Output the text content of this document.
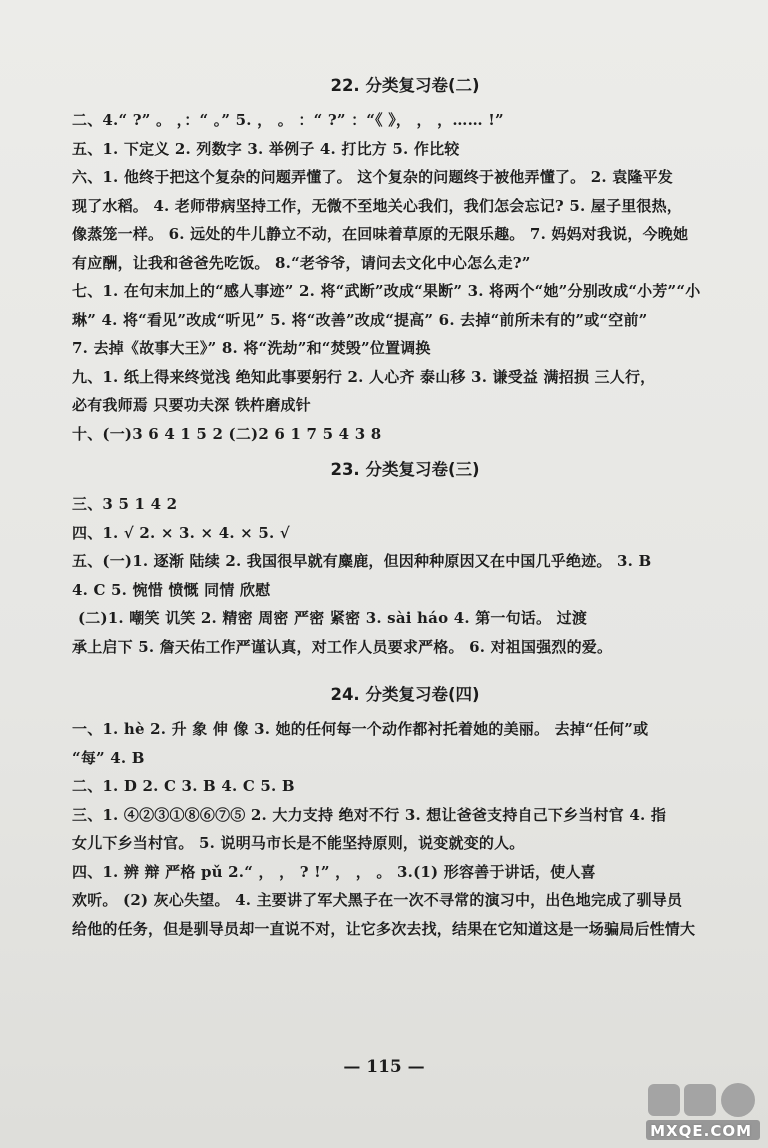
22. 分类复习卷(二)
二、4.“ ?” 。 ，：“ 。” 5. ， 。 ：“ ?” ：“《 》， ， ，…… !”
五、1. 下定义 2. 列数字 3. 举例子 4. 打比方 5. 作比较
六、1. 他终于把这个复杂的问题弄懂了。 这个复杂的问题终于被他弄懂了。 2. 袁隆平发
现了水稻。 4. 老师带病坚持工作，无微不至地关心我们，我们怎会忘记? 5. 屋子里很热，
像蒸笼一样。 6. 远处的牛儿静立不动，在回味着草原的无限乐趣。 7. 妈妈对我说，今晚她
有应酬，让我和爸爸先吃饭。 8.“老爷爷，请问去文化中心怎么走?”
七、1. 在句末加上的“感人事迹” 2. 将“武断”改成“果断” 3. 将两个“她”分别改成“小芳”“小
琳” 4. 将“看见”改成“听见” 5. 将“改善”改成“提高” 6. 去掉“前所未有的”或“空前”
7. 去掉《故事大王》” 8. 将“洗劫”和“焚毁”位置调换
九、1. 纸上得来终觉浅 绝知此事要躬行 2. 人心齐 泰山移 3. 谦受益 满招损 三人行，
必有我师焉 只要功夫深 铁杵磨成针
十、(一)3 6 4 1 5 2 (二)2 6 1 7 5 4 3 8
23. 分类复习卷(三)
三、3 5 1 4 2
四、1. √ 2. × 3. × 4. × 5. √
五、(一)1. 逐渐 陆续 2. 我国很早就有麋鹿，但因种种原因又在中国几乎绝迹。 3. B
4. C 5. 惋惜 愤慨 同情 欣慰
(二)1. 嘲笑 讥笑 2. 精密 周密 严密 紧密 3. sài háo 4. 第一句话。 过渡
承上启下 5. 詹天佑工作严谨认真，对工作人员要求严格。 6. 对祖国强烈的爱。
24. 分类复习卷(四)
一、1. hè 2. 升 象 伸 像 3. 她的任何每一个动作都衬托着她的美丽。 去掉“任何”或
“每” 4. B
二、1. D 2. C 3. B 4. C 5. B
三、1. ④②③①⑧⑥⑦⑤ 2. 大力支持 绝对不行 3. 想让爸爸支持自己下乡当村官 4. 指
女儿下乡当村官。 5. 说明马市长是不能坚持原则，说变就变的人。
四、1. 辨 辩 严格 pǔ 2.“ ， ， ? !” ， ， 。 3.(1) 形容善于讲话，使人喜
欢听。 (2) 灰心失望。 4. 主要讲了军犬黑子在一次不寻常的演习中，出色地完成了驯导员
给他的任务，但是驯导员却一直说不对，让它多次去找，结果在它知道这是一场骗局后性情大
— 115 —
MXQE.COM
